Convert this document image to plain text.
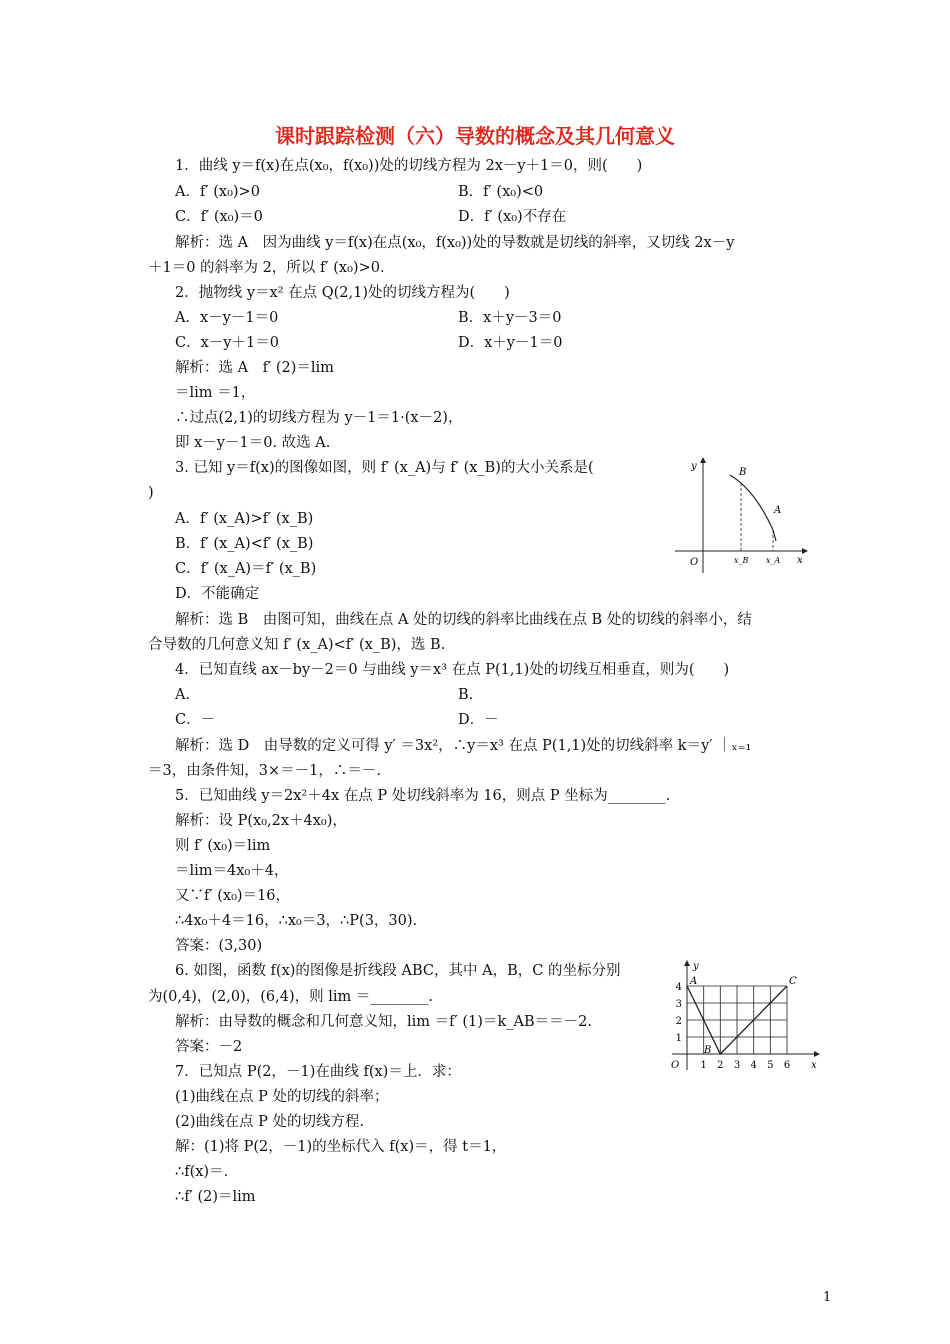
课时跟踪检测（六）导数的概念及其几何意义
1．曲线 y＝f(x)在点(x₀，f(x₀))处的切线方程为 2x－y＋1＝0，则(　　)
A．f′ (x₀)>0	B．f′ (x₀)<0
C．f′ (x₀)＝0	D．f′ (x₀)不存在
解析：选 A　因为曲线 y＝f(x)在点(x₀，f(x₀))处的导数就是切线的斜率，又切线 2x－y
＋1＝0 的斜率为 2，所以 f′ (x₀)>0.
2．抛物线 y＝x² 在点 Q(2,1)处的切线方程为(　　)
A．x－y－1＝0	B．x＋y－3＝0
C．x－y＋1＝0	D．x＋y－1＝0
解析：选 A　f′ (2)＝lim
＝lim ＝1，
∴过点(2,1)的切线方程为 y－1＝1·(x－2)，
即 x－y－1＝0. 故选 A.
3. 已知 y＝f(x)的图像如图，则 f′ (x_A)与 f′ (x_B)的大小关系是(
)
A．f′ (x_A)>f′ (x_B)
B．f′ (x_A)<f′ (x_B)
C．f′ (x_A)＝f′ (x_B)
D．不能确定
解析：选 B　由图可知，曲线在点 A 处的切线的斜率比曲线在点 B 处的切线的斜率小，结
合导数的几何意义知 f′ (x_A)<f′ (x_B)，选 B.
y
x
O
B
A
x_B x_A
4．已知直线 ax－by－2＝0 与曲线 y＝x³ 在点 P(1,1)处的切线互相垂直，则为(　　)
A.	B.
C．－	D．－
解析：选 D　由导数的定义可得 y′ ＝3x²，∴y＝x³ 在点 P(1,1)处的切线斜率 k＝y′ ｜ₓ₌₁
＝3，由条件知，3×＝－1，∴＝－.
5．已知曲线 y＝2x²＋4x 在点 P 处切线斜率为 16，则点 P 坐标为________.
解析：设 P(x₀,2x＋4x₀)，
则 f′ (x₀)＝lim
＝lim＝4x₀＋4，
又∵f′ (x₀)＝16，
∴4x₀＋4＝16，∴x₀＝3，∴P(3，30).
答案：(3,30)
6. 如图，函数 f(x)的图像是折线段 ABC，其中 A，B，C 的坐标分别
为(0,4)，(2,0)，(6,4)，则 lim ＝________.
解析：由导数的概念和几何意义知，lim ＝f′ (1)＝k_AB＝＝－2.
答案：－2
y
x
O
A
B
C
1 2 3 4 5 6
1
2
3
4
7．已知点 P(2，－1)在曲线 f(x)＝上．求：
(1)曲线在点 P 处的切线的斜率；
(2)曲线在点 P 处的切线方程.
解：(1)将 P(2，－1)的坐标代入 f(x)＝，得 t＝1，
∴f(x)＝.
∴f′ (2)＝lim
1
